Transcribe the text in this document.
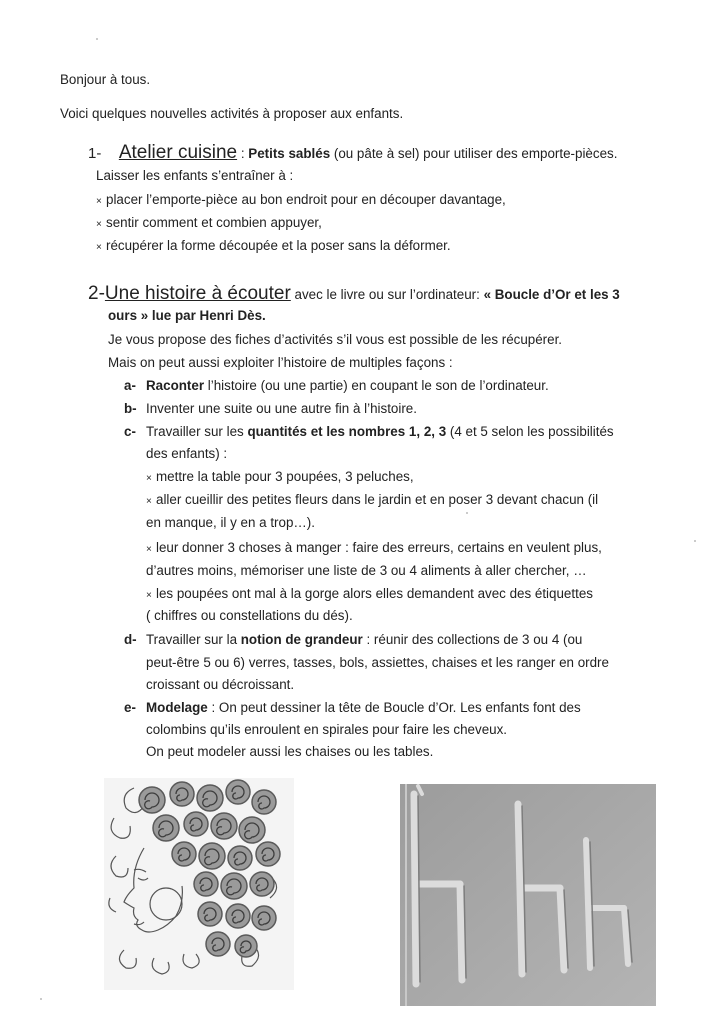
Bonjour à tous.
Voici quelques nouvelles activités à proposer aux enfants.
1- Atelier cuisine : Petits sablés (ou pâte à sel) pour utiliser des emporte-pièces.
Laisser les enfants s’entraîner à :
× placer l’emporte-pièce au bon endroit pour en découper davantage,
× sentir comment et combien appuyer,
× récupérer la forme découpée et la poser sans la déformer.
2-Une histoire à écouter avec le livre ou sur l’ordinateur: « Boucle d’Or et les 3
ours » lue par Henri Dès.
Je vous propose des fiches d’activités s’il vous est possible de les récupérer.
Mais on peut aussi exploiter l’histoire de multiples façons :
a- Raconter l’histoire (ou une partie) en coupant le son de l’ordinateur.
b- Inventer une suite ou une autre fin à l’histoire.
c- Travailler sur les quantités et les nombres 1, 2, 3 (4 et 5 selon les possibilités
des enfants) :
× mettre la table pour 3 poupées, 3 peluches,
× aller cueillir des petites fleurs dans le jardin et en poser 3 devant chacun (il
en manque, il y en a trop…).
× leur donner 3 choses à manger : faire des erreurs, certains en veulent plus,
d’autres moins, mémoriser une liste de 3 ou 4 aliments à aller chercher, …
× les poupées ont mal à la gorge alors elles demandent avec des étiquettes
( chiffres ou constellations du dés).
d- Travailler sur la notion de grandeur : réunir des collections de 3 ou 4 (ou
peut-être 5 ou 6) verres, tasses, bols, assiettes, chaises et les ranger en ordre
croissant ou décroissant.
e- Modelage : On peut dessiner la tête de Boucle d’Or. Les enfants font des
colombins qu’ils enroulent en spirales pour faire les cheveux.
On peut modeler aussi les chaises ou les tables.
